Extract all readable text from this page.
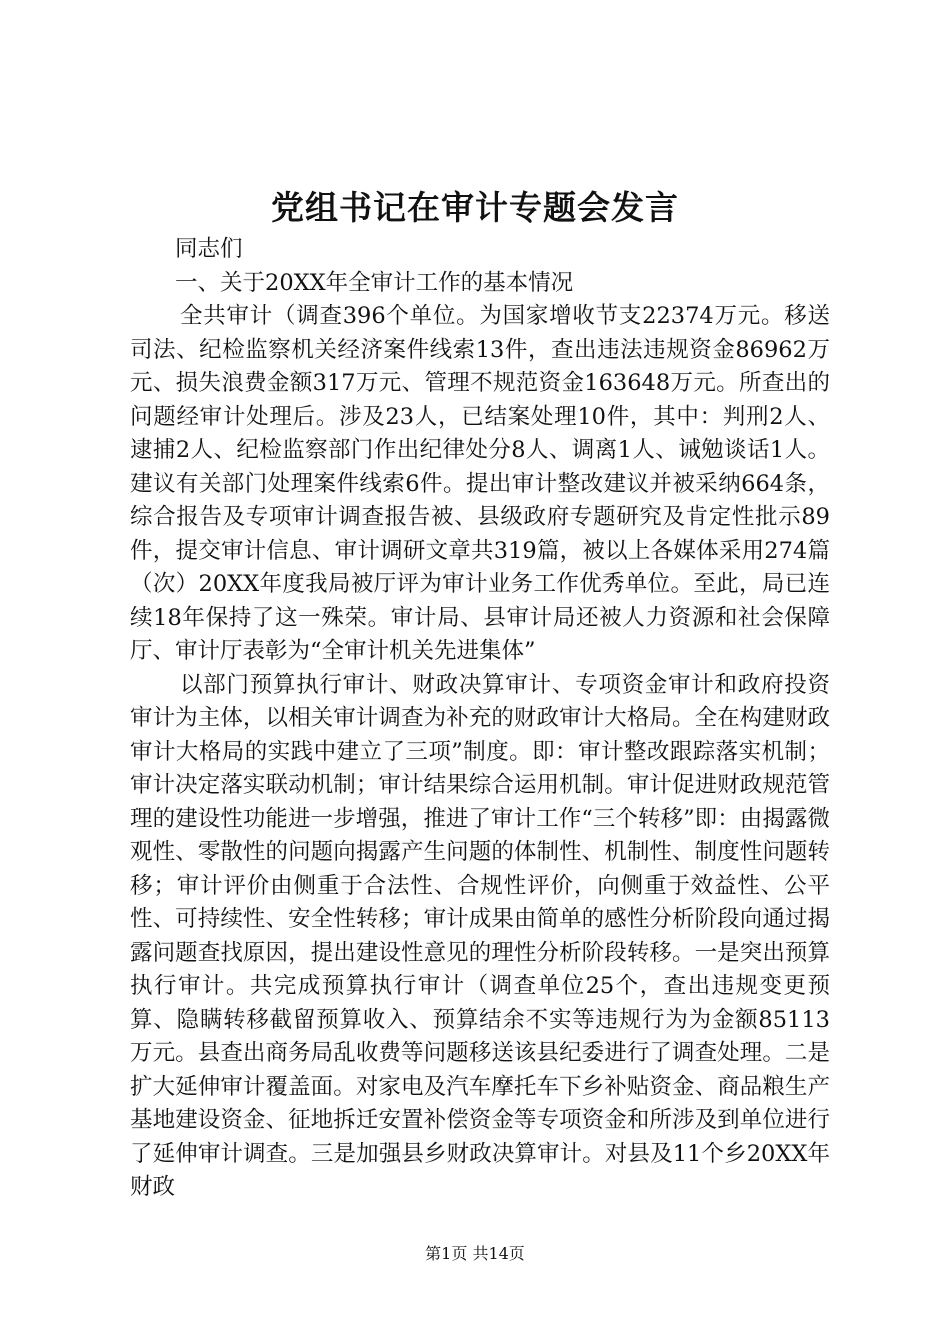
党组书记在审计专题会发言

同志们

一、关于20XX年全审计工作的基本情况

全共审计（调查396个单位。为国家增收节支22374万元。移送司法、纪检监察机关经济案件线索13件，查出违法违规资金86962万元、损失浪费金额317万元、管理不规范资金163648万元。所查出的问题经审计处理后。涉及23人，已结案处理10件，其中：判刑2人、逮捕2人、纪检监察部门作出纪律处分8人、调离1人、诫勉谈话1人。建议有关部门处理案件线索6件。提出审计整改建议并被采纳664条，综合报告及专项审计调查报告被、县级政府专题研究及肯定性批示89件，提交审计信息、审计调研文章共319篇，被以上各媒体采用274篇（次）20XX年度我局被厅评为审计业务工作优秀单位。至此，局已连续18年保持了这一殊荣。审计局、县审计局还被人力资源和社会保障厅、审计厅表彰为“全审计机关先进集体”

以部门预算执行审计、财政决算审计、专项资金审计和政府投资审计为主体，以相关审计调查为补充的财政审计大格局。全在构建财政审计大格局的实践中建立了三项”制度。即：审计整改跟踪落实机制；审计决定落实联动机制；审计结果综合运用机制。审计促进财政规范管理的建设性功能进一步增强，推进了审计工作“三个转移”即：由揭露微观性、零散性的问题向揭露产生问题的体制性、机制性、制度性问题转移；审计评价由侧重于合法性、合规性评价，向侧重于效益性、公平性、可持续性、安全性转移；审计成果由简单的感性分析阶段向通过揭露问题查找原因，提出建设性意见的理性分析阶段转移。一是突出预算执行审计。共完成预算执行审计（调查单位25个，查出违规变更预算、隐瞒转移截留预算收入、预算结余不实等违规行为为金额85113万元。县查出商务局乱收费等问题移送该县纪委进行了调查处理。二是扩大延伸审计覆盖面。对家电及汽车摩托车下乡补贴资金、商品粮生产基地建设资金、征地拆迁安置补偿资金等专项资金和所涉及到单位进行了延伸审计调查。三是加强县乡财政决算审计。对县及11个乡20XX年财政

第1页 共14页
